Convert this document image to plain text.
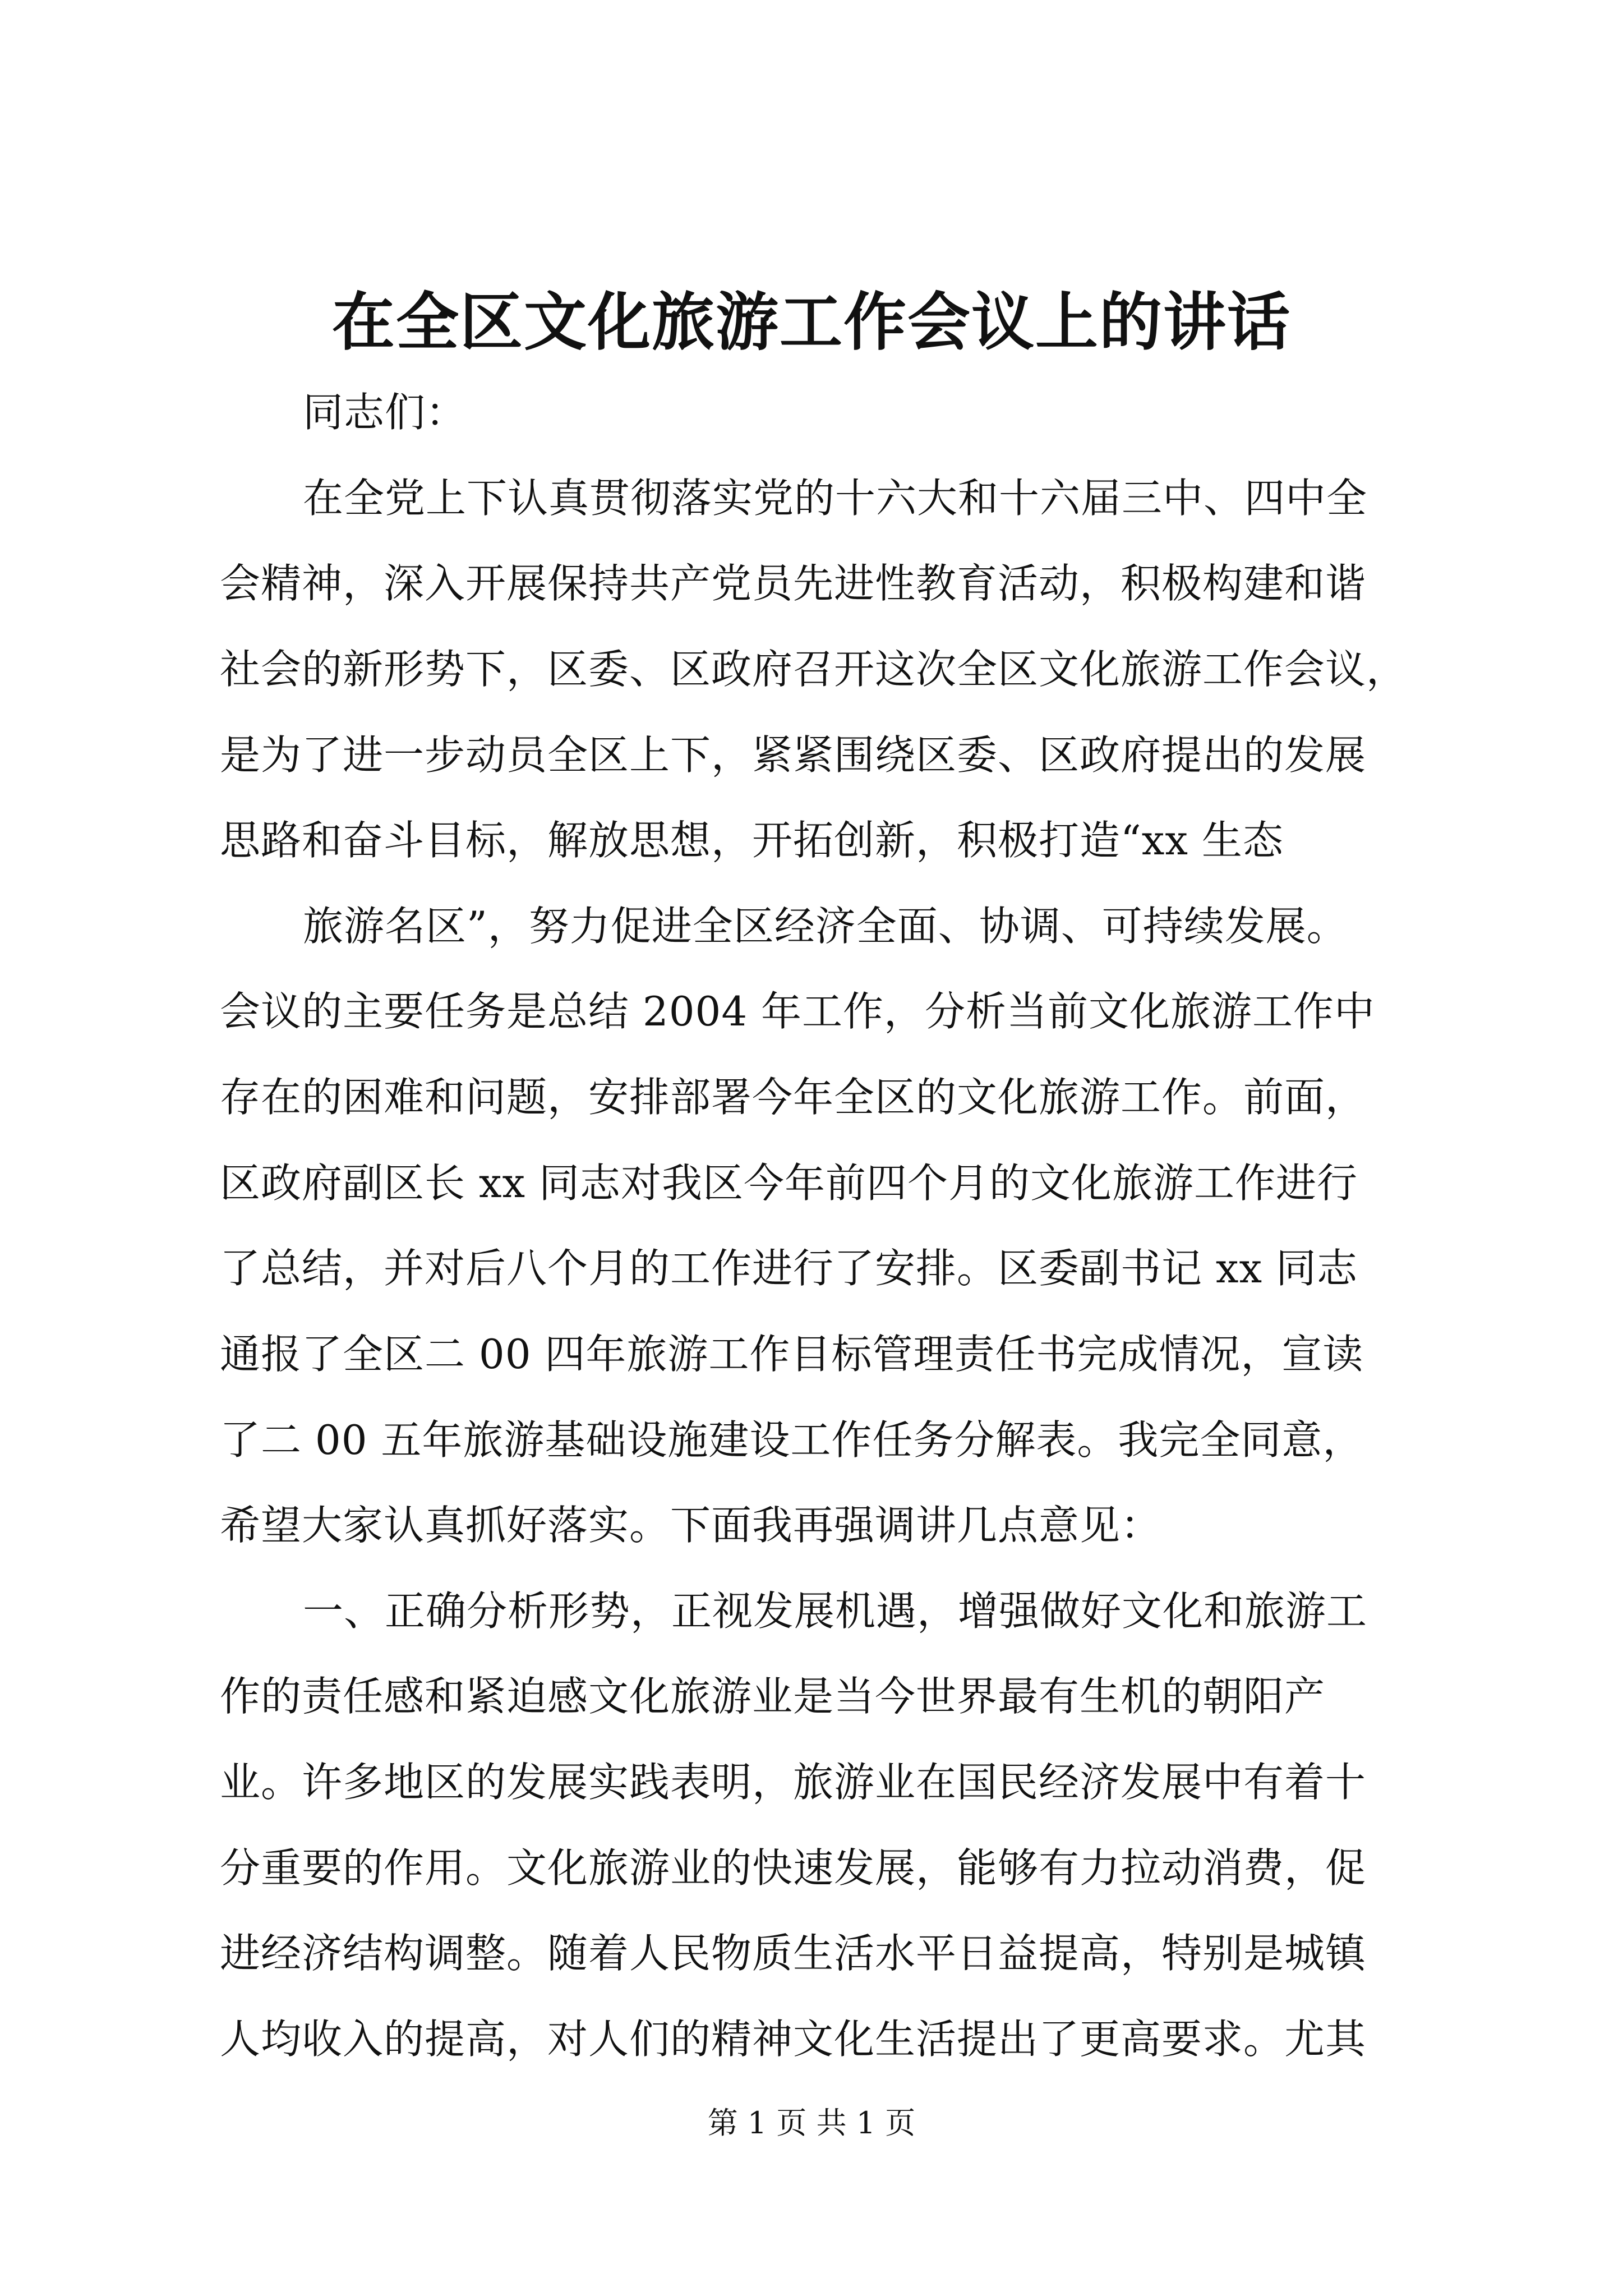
在全区文化旅游工作会议上的讲话
同志们：
在全党上下认真贯彻落实党的十六大和十六届三中、四中全
会精神，深入开展保持共产党员先进性教育活动，积极构建和谐
社会的新形势下，区委、区政府召开这次全区文化旅游工作会议，
是为了进一步动员全区上下，紧紧围绕区委、区政府提出的发展
思路和奋斗目标，解放思想，开拓创新，积极打造“xx 生态
旅游名区”，努力促进全区经济全面、协调、可持续发展。
会议的主要任务是总结 2004 年工作，分析当前文化旅游工作中
存在的困难和问题，安排部署今年全区的文化旅游工作。前面，
区政府副区长 xx 同志对我区今年前四个月的文化旅游工作进行
了总结，并对后八个月的工作进行了安排。区委副书记 xx 同志
通报了全区二 00 四年旅游工作目标管理责任书完成情况，宣读
了二 00 五年旅游基础设施建设工作任务分解表。我完全同意，
希望大家认真抓好落实。下面我再强调讲几点意见：
一、正确分析形势，正视发展机遇，增强做好文化和旅游工
作的责任感和紧迫感文化旅游业是当今世界最有生机的朝阳产
业。许多地区的发展实践表明，旅游业在国民经济发展中有着十
分重要的作用。文化旅游业的快速发展，能够有力拉动消费，促
进经济结构调整。随着人民物质生活水平日益提高，特别是城镇
人均收入的提高，对人们的精神文化生活提出了更高要求。尤其
第 1 页 共 1 页
